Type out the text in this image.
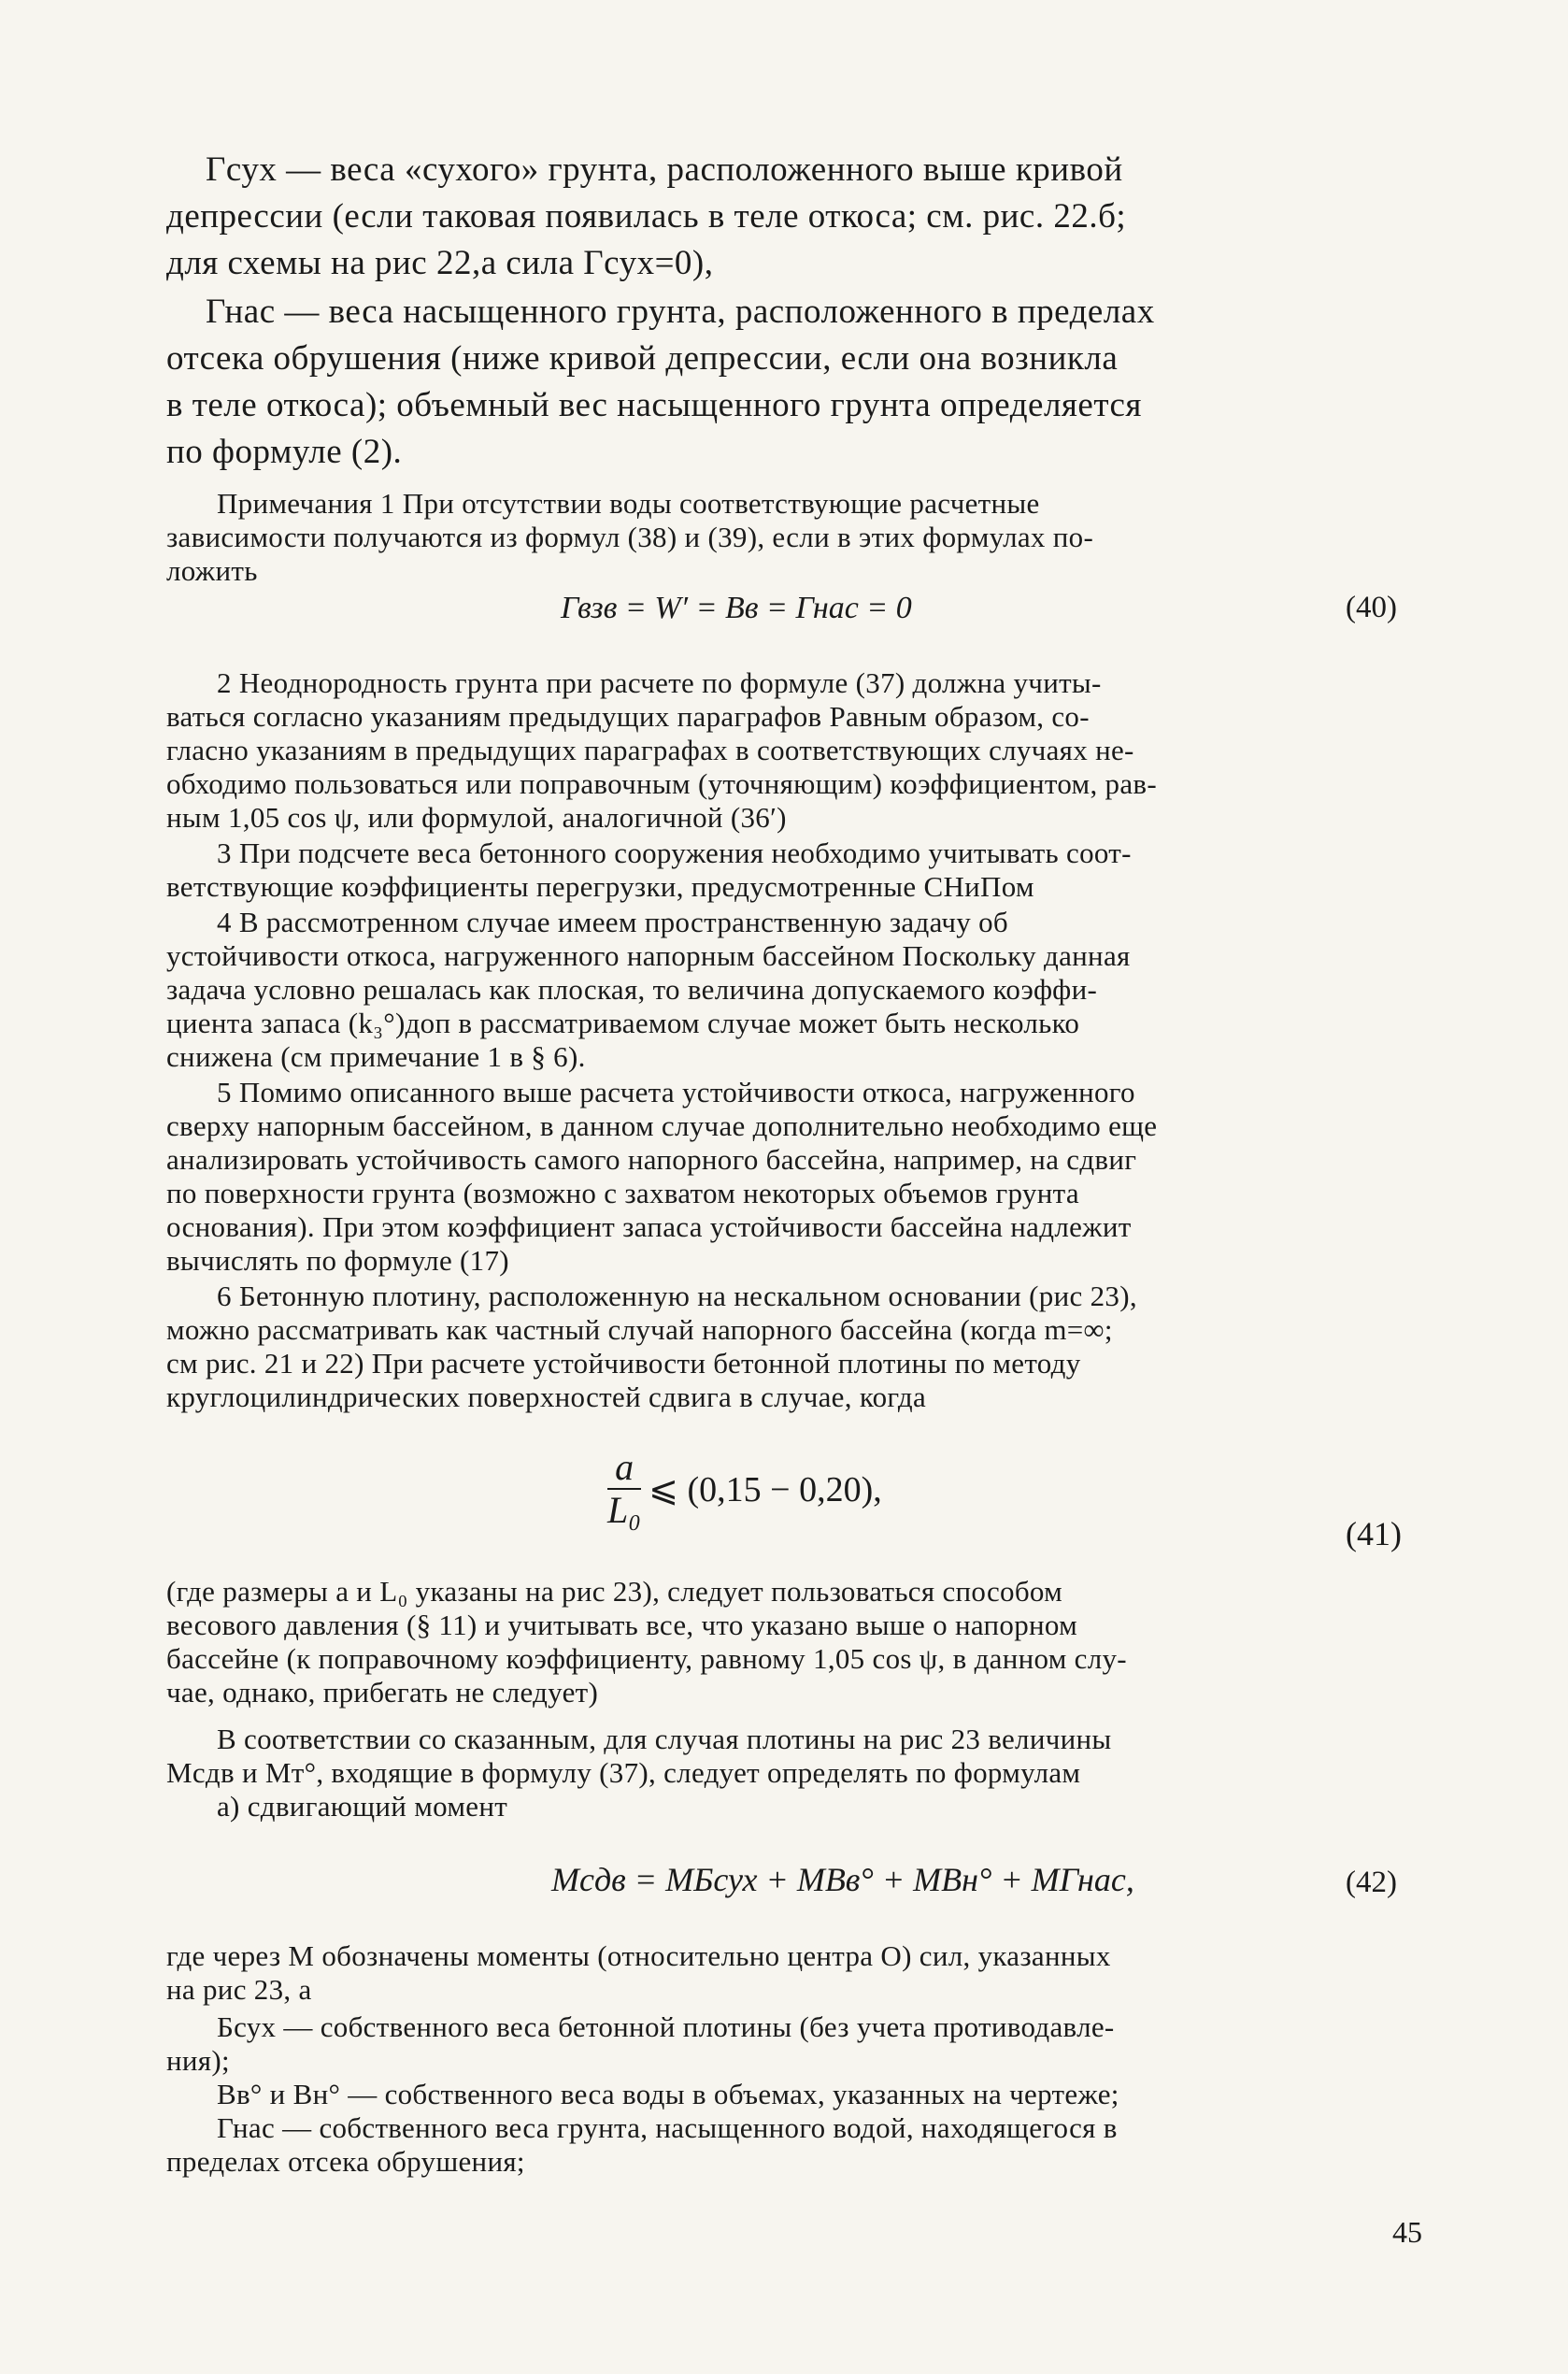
Гсух — веса «сухого» грунта, расположенного выше кривой
депрессии (если таковая появилась в теле откоса; см. рис. 22.б;
для схемы на рис 22,а сила Гсух=0),
Гнас — веса насыщенного грунта, расположенного в пределах
отсека обрушения (ниже кривой депрессии, если она возникла
в теле откоса); объемный вес насыщенного грунта определяется
по формуле (2).
Примечания 1 При отсутствии воды соответствующие расчетные
зависимости получаются из формул (38) и (39), если в этих формулах по-
ложить
2 Неоднородность грунта при расчете по формуле (37) должна учиты-
ваться согласно указаниям предыдущих параграфов Равным образом, со-
гласно указаниям в предыдущих параграфах в соответствующих случаях не-
обходимо пользоваться или поправочным (уточняющим) коэффициентом, рав-
ным 1,05 cos ψ, или формулой, аналогичной (36′)
3 При подсчете веса бетонного сооружения необходимо учитывать соот-
ветствующие коэффициенты перегрузки, предусмотренные СНиПом
4 В рассмотренном случае имеем пространственную задачу об
устойчивости откоса, нагруженного напорным бассейном Поскольку данная
задача условно решалась как плоская, то величина допускаемого коэффи-
циента запаса (k₃°)доп в рассматриваемом случае может быть несколько
снижена (см примечание 1 в § 6).
5 Помимо описанного выше расчета устойчивости откоса, нагруженного
сверху напорным бассейном, в данном случае дополнительно необходимо еще
анализировать устойчивость самого напорного бассейна, например, на сдвиг
по поверхности грунта (возможно с захватом некоторых объемов грунта
основания). При этом коэффициент запаса устойчивости бассейна надлежит
вычислять по формуле (17)
6 Бетонную плотину, расположенную на нескальном основании (рис 23),
можно рассматривать как частный случай напорного бассейна (когда m=∞;
см рис. 21 и 22) При расчете устойчивости бетонной плотины по методу
круглоцилиндрических поверхностей сдвига в случае, когда
(где размеры a и L₀ указаны на рис 23), следует пользоваться способом
весового давления (§ 11) и учитывать все, что указано выше о напорном
бассейне (к поправочному коэффициенту, равному 1,05 cos ψ, в данном слу-
чае, однако, прибегать не следует)
В соответствии со сказанным, для случая плотины на рис 23 величины
Mсдв и Mт°, входящие в формулу (37), следует определять по формулам
а) сдвигающий момент
где через M обозначены моменты (относительно центра O) сил, указанных
на рис 23, а
Бсух — собственного веса бетонной плотины (без учета противодавле-
ния);
Вв° и Вн° — собственного веса воды в объемах, указанных на чертеже;
Гнас — собственного веса грунта, насыщенного водой, находящегося в
пределах отсека обрушения;
Гвзв = W′ = Вв = Гнас = 0	(40)
$\frac{a}{\text{L₀}}$ ⩽ (0,15 − 0,20),
(41)
Mсдв = MБсух + MВв° + MВн° + MГнас,	(42)
45
